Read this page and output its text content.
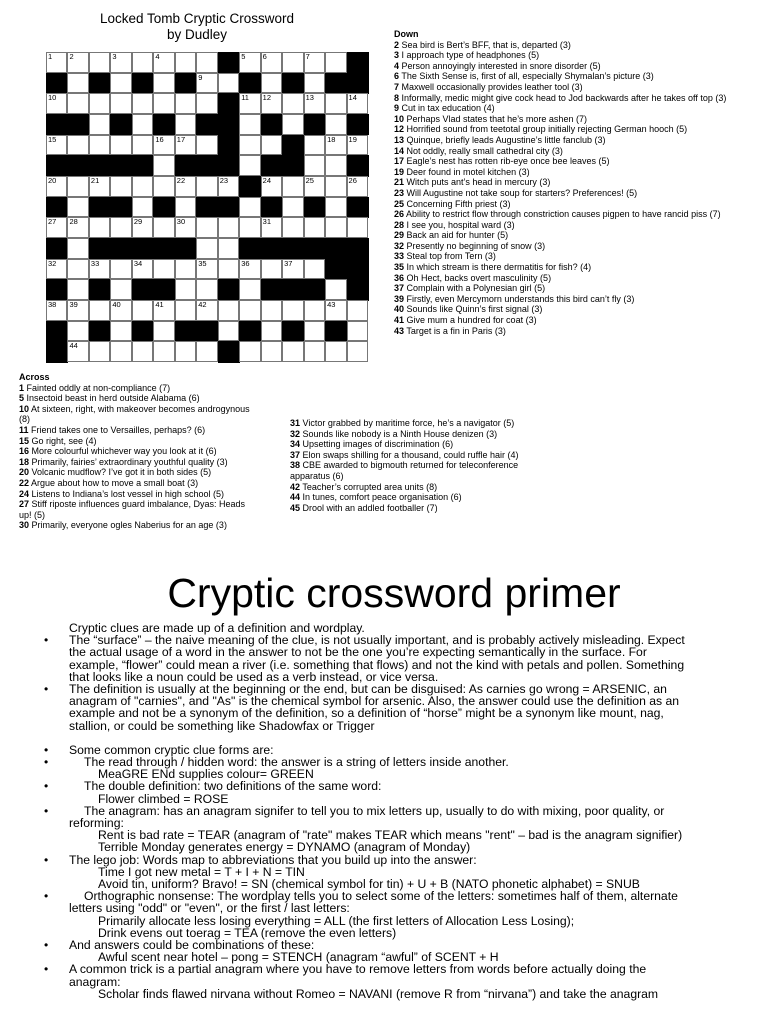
Locked Tomb Cryptic Crossword
by Dudley
1 2	3	4	5 6	7	8
9
10	11 12	13	14
15	16 17	18 19
20	21	22	23	24	25	26
27 28	29	30	31
32	33	34	35	36	37
38 39	40	41	42	43
44	45
Down
2 Sea bird is Bert’s BFF, that is, departed (3)
3 I approach type of headphones (5)
4 Person annoyingly interested in snore disorder (5)
6 The Sixth Sense is, first of all, especially Shymalan’s picture (3)
7 Maxwell occasionally provides leather tool (3)
8 Informally, medic might give cock head to Jod backwards after he takes off top (3)
9 Cut in tax education (4)
10 Perhaps Vlad states that he’s more ashen (7)
12 Horrified sound from teetotal group initially rejecting German hooch (5)
13 Quinque, briefly leads Augustine’s little fanclub (3)
14 Not oddly, really small cathedral city (3)
17 Eagle’s nest has rotten rib-eye once bee leaves (5)
19 Deer found in motel kitchen (3)
21 Witch puts ant’s head in mercury (3)
23 Will Augustine not take soup for starters? Preferences! (5)
25 Concerning Fifth priest (3)
26 Ability to restrict flow through constriction causes pigpen to have rancid piss (7)
28 I see you, hospital ward (3)
29 Back an aid for hunter (5)
32 Presently no beginning of snow (3)
33 Steal top from Tern (3)
35 In which stream is there dermatitis for fish? (4)
36 Oh Hect, backs overt masculinity (5)
37 Complain with a Polynesian girl (5)
39 Firstly, even Mercymorn understands this bird can’t fly (3)
40 Sounds like Quinn’s first signal (3)
41 Give mum a hundred for coat (3)
43 Target is a fin in Paris (3)
Across
1 Fainted oddly at non-compliance (7)
5 Insectoid beast in herd outside Alabama (6)
10 At sixteen, right, with makeover becomes androgynous (8)
11 Friend takes one to Versailles, perhaps? (6)
15 Go right, see (4)
16 More colourful whichever way you look at it (6)
18 Primarily, fairies’ extraordinary youthful quality (3)
20 Volcanic mudflow? I’ve got it in both sides (5)
22 Argue about how to move a small boat (3)
24 Listens to Indiana’s lost vessel in high school (5)
27 Stiff riposte influences guard imbalance, Dyas: Heads up! (5)
30 Primarily, everyone ogles Naberius for an age (3)
31 Victor grabbed by maritime force, he’s a navigator (5)
32 Sounds like nobody is a Ninth House denizen (3)
34 Upsetting images of discrimination (6)
37 Elon swaps shilling for a thousand, could ruffle hair (4)
38 CBE awarded to bigmouth returned for teleconference apparatus (6)
42 Teacher’s corrupted area units (8)
44 In tunes, comfort peace organisation (6)
45 Drool with an addled footballer (7)
Cryptic crossword primer
Cryptic clues are made up of a definition and wordplay.
• The “surface” – the naive meaning of the clue, is not usually important, and is probably actively misleading. Expect
the actual usage of a word in the answer to not be the one you’re expecting semantically in the surface. For
example, “flower” could mean a river (i.e. something that flows) and not the kind with petals and pollen. Something
that looks like a noun could be used as a verb instead, or vice versa.
• The definition is usually at the beginning or the end, but can be disguised: As carnies go wrong = ARSENIC, an
anagram of "carnies", and "As" is the chemical symbol for arsenic. Also, the answer could use the definition as an
example and not be a synonym of the definition, so a definition of “horse” might be a synonym like mount, nag,
stallion, or could be something like Shadowfax or Trigger
• Some common cryptic clue forms are:
•	The read through / hidden word: the answer is a string of letters inside another.
MeaGRE ENd supplies colour= GREEN
•	The double definition: two definitions of the same word:
Flower climbed = ROSE
•	The anagram: has an anagram signifer to tell you to mix letters up, usually to do with mixing, poor quality, or
reforming:
Rent is bad rate = TEAR (anagram of "rate" makes TEAR which means "rent" – bad is the anagram signifier)
Terrible Monday generates energy = DYNAMO (anagram of Monday)
• The lego job: Words map to abbreviations that you build up into the answer:
Time I got new metal = T + I + N = TIN
Avoid tin, uniform? Bravo! = SN (chemical symbol for tin) + U + B (NATO phonetic alphabet) = SNUB
•	Orthographic nonsense: The wordplay tells you to select some of the letters: sometimes half of them, alternate
letters using "odd" or "even", or the first / last letters:
Primarily allocate less losing everything = ALL (the first letters of Allocation Less Losing);
Drink evens out toerag = TEA (remove the even letters)
• And answers could be combinations of these:
Awful scent near hotel – pong = STENCH (anagram “awful” of SCENT + H
• A common trick is a partial anagram where you have to remove letters from words before actually doing the
anagram:
Scholar finds flawed nirvana without Romeo = NAVANI (remove R from “nirvana”) and take the anagram
